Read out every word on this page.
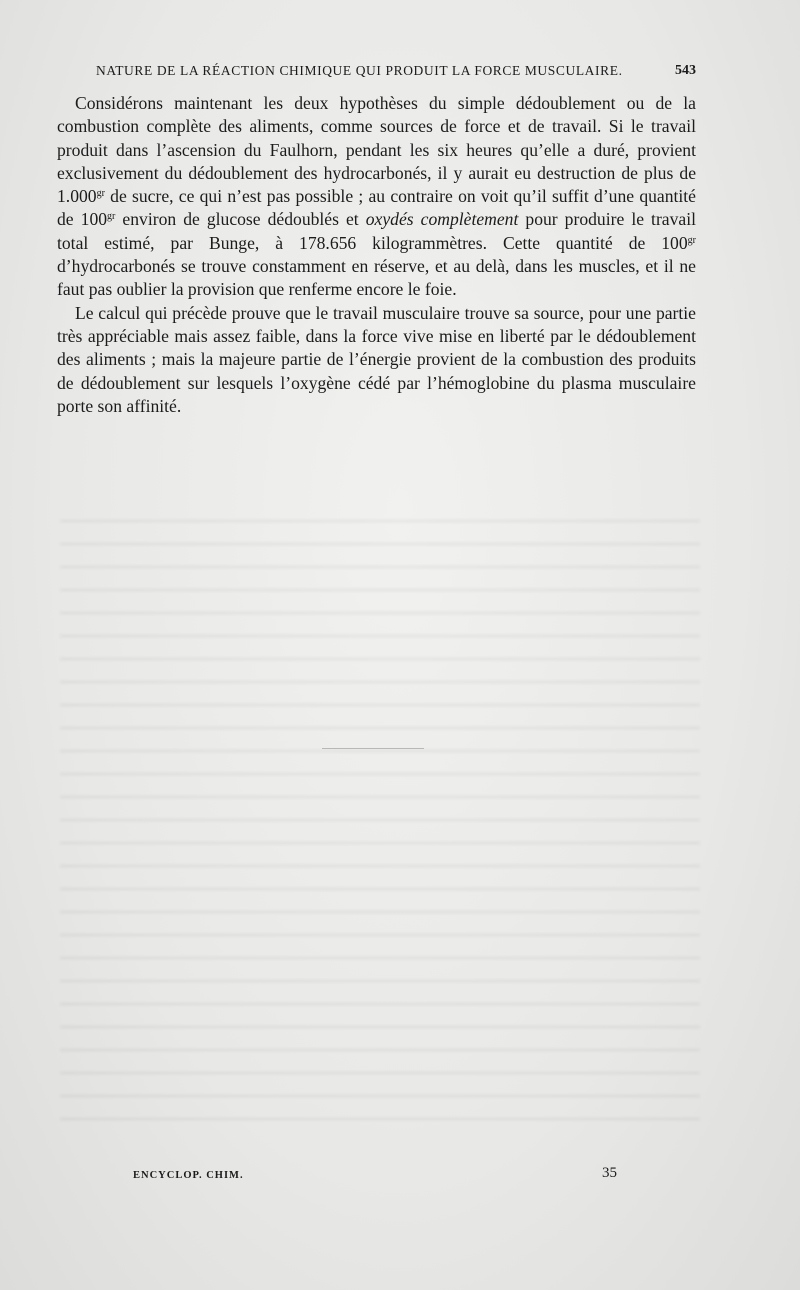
NATURE DE LA RÉACTION CHIMIQUE QUI PRODUIT LA FORCE MUSCULAIRE.	543

Considérons maintenant les deux hypothèses du simple dédoublement ou de la combustion complète des aliments, comme sources de force et de travail. Si le travail produit dans l’ascension du Faulhorn, pendant les six heures qu’elle a duré, provient exclusivement du dédoublement des hydrocarbonés, il y aurait eu destruction de plus de $1.000^{gr}$ de sucre, ce qui n’est pas possible ; au contraire on voit qu’il suffit d’une quantité de $100^{gr}$ environ de glucose dédoublés et oxydés complètement pour produire le travail total estimé, par Bunge, à 178.656 kilogrammètres. Cette quantité de $100^{gr}$ d’hydrocarbonés se trouve constamment en réserve, et au delà, dans les muscles, et il ne faut pas oublier la provision que renferme encore le foie.

Le calcul qui précède prouve que le travail musculaire trouve sa source, pour une partie très appréciable mais assez faible, dans la force vive mise en liberté par le dédoublement des aliments ; mais la majeure partie de l’énergie provient de la combustion des produits de dédoublement sur lesquels l’oxygène cédé par l’hémoglobine du plasma musculaire porte son affinité.

ENCYCLOP. CHIM.	35
